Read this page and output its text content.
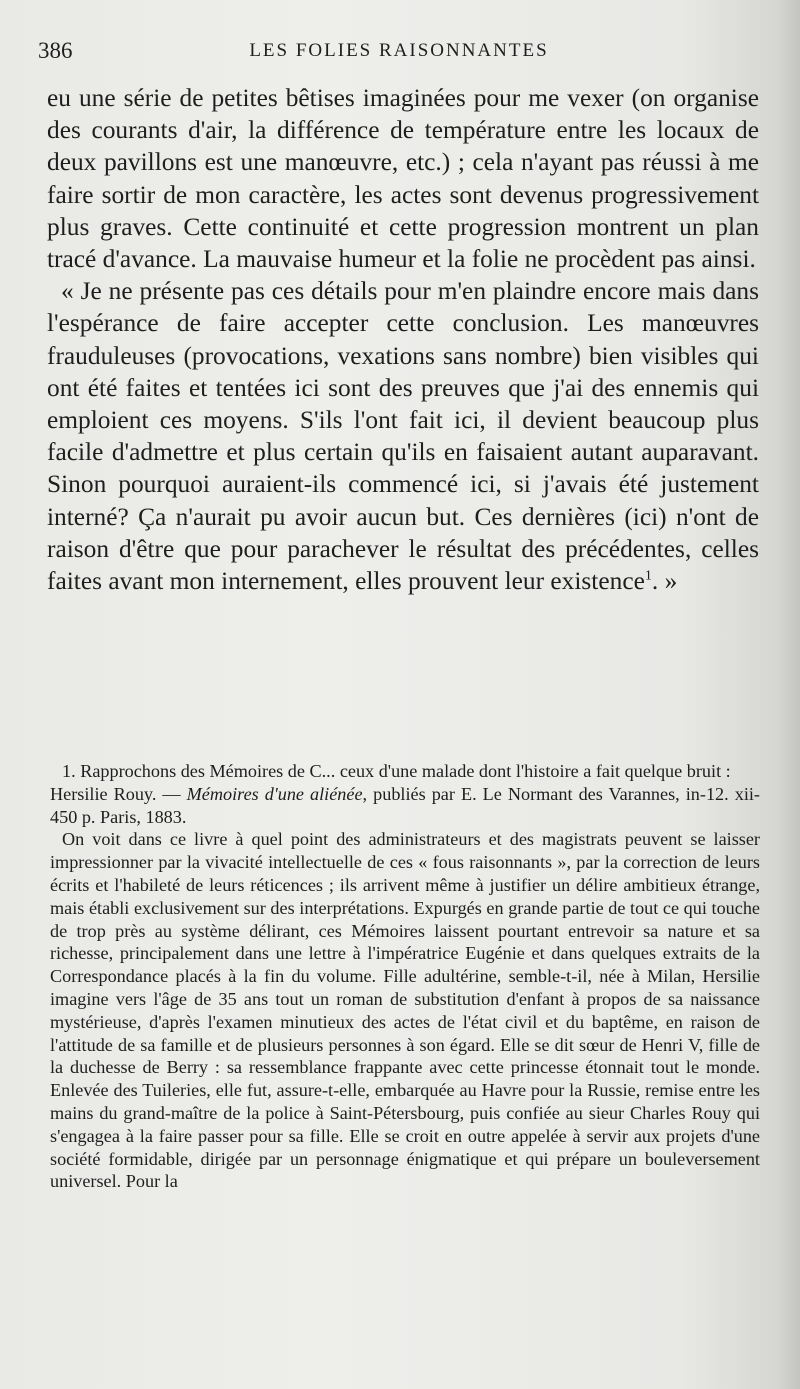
386	LES FOLIES RAISONNANTES

eu une série de petites bêtises imaginées pour me vexer (on organise des courants d'air, la différence de température entre les locaux de deux pavillons est une manœuvre, etc.) ; cela n'ayant pas réussi à me faire sortir de mon caractère, les actes sont devenus progressivement plus graves. Cette continuité et cette progression montrent un plan tracé d'avance. La mauvaise humeur et la folie ne procèdent pas ainsi.

« Je ne présente pas ces détails pour m'en plaindre encore mais dans l'espérance de faire accepter cette conclusion. Les manœuvres frauduleuses (provocations, vexations sans nombre) bien visibles qui ont été faites et tentées ici sont des preuves que j'ai des ennemis qui emploient ces moyens. S'ils l'ont fait ici, il devient beaucoup plus facile d'admettre et plus certain qu'ils en faisaient autant auparavant. Sinon pourquoi auraient-ils commencé ici, si j'avais été justement interné? Ça n'aurait pu avoir aucun but. Ces dernières (ici) n'ont de raison d'être que pour parachever le résultat des précédentes, celles faites avant mon internement, elles prouvent leur existence$^1$. »

1. Rapprochons des Mémoires de C... ceux d'une malade dont l'histoire a fait quelque bruit :

Hersilie Rouy. — Mémoires d'une aliénée, publiés par E. Le Normant des Varannes, in-12. xii-450 p. Paris, 1883.

On voit dans ce livre à quel point des administrateurs et des magistrats peuvent se laisser impressionner par la vivacité intellectuelle de ces « fous raisonnants », par la correction de leurs écrits et l'habileté de leurs réticences ; ils arrivent même à justifier un délire ambitieux étrange, mais établi exclusivement sur des interprétations. Expurgés en grande partie de tout ce qui touche de trop près au système délirant, ces Mémoires laissent pourtant entrevoir sa nature et sa richesse, principalement dans une lettre à l'impératrice Eugénie et dans quelques extraits de la Correspondance placés à la fin du volume. Fille adultérine, semble-t-il, née à Milan, Hersilie imagine vers l'âge de 35 ans tout un roman de substitution d'enfant à propos de sa naissance mystérieuse, d'après l'examen minutieux des actes de l'état civil et du baptême, en raison de l'attitude de sa famille et de plusieurs personnes à son égard. Elle se dit sœur de Henri V, fille de la duchesse de Berry : sa ressemblance frappante avec cette princesse étonnait tout le monde. Enlevée des Tuileries, elle fut, assure-t-elle, embarquée au Havre pour la Russie, remise entre les mains du grand-maître de la police à Saint-Pétersbourg, puis confiée au sieur Charles Rouy qui s'engagea à la faire passer pour sa fille. Elle se croit en outre appelée à servir aux projets d'une société formidable, dirigée par un personnage énigmatique et qui prépare un bouleversement universel. Pour la
